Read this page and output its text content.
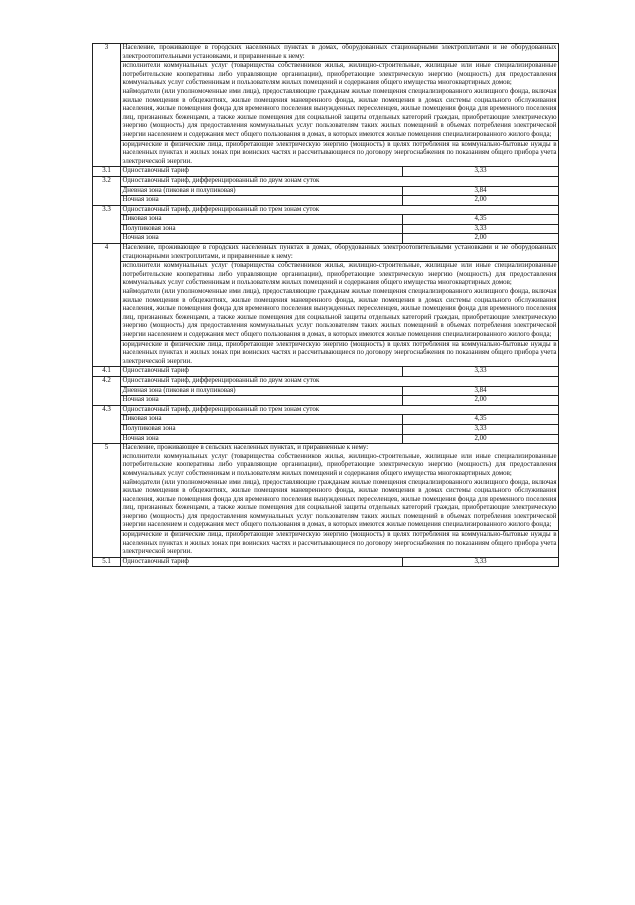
3	Население, проживающее в городских населенных пунктах в домах, оборудованных стационарными электроплитами и не оборудованных электроотопительными установками, и приравненные к нему:	

	исполнители коммунальных услуг (товарищества собственников жилья, жилищно-строительные, жилищные или иные специализированные потребительские кооперативы либо управляющие организации), приобретающие электрическую энергию (мощность) для предоставления коммунальных услуг собственникам и пользователям жилых помещений и содержания общего имущества многоквартирных домов;

наймодатели (или уполномоченные ими лица), предоставляющие гражданам жилые помещения специализированного жилищного фонда, включая жилые помещения в общежитиях, жилые помещения маневренного фонда, жилые помещения в домах системы социального обслуживания населения, жилые помещения фонда для временного поселения вынужденных переселенцев, жилые помещения фонда для временного поселения лиц, признанных беженцами, а также жилые помещения для социальной защиты отдельных категорий граждан, приобретающие электрическую энергию (мощность) для предоставления коммунальных услуг пользователям таких жилых помещений в объемах потребления электрической энергии населением и содержания мест общего пользования в домах, в которых имеются жилые помещения специализированного жилого фонда;	

	юридические и физические лица, приобретающие электрическую энергию (мощность) в целях потребления на коммунально-бытовые нужды в населенных пунктах и жилых зонах при воинских частях и рассчитывающиеся по договору энергоснабжения по показаниям общего прибора учета электрической энергии.	

3.1	Одноставочный тариф	3,33
3.2	Одноставочный тариф, дифференцированный по двум зонам суток	
	Дневная зона (пиковая и полупиковая)	3,84
	Ночная зона	2,00
3.3	Одноставочный тариф, дифференцированный по трем зонам суток	
	Пиковая зона	4,35
	Полупиковая зона	3,33
	Ночная зона	2,00
4	Население, проживающее в городских населенных пунктах в домах, оборудованных электроотопительными установками и не оборудованных стационарными электроплитами, и приравненные к нему:	

	исполнители коммунальных услуг (товарищества собственников жилья, жилищно-строительные, жилищные или иные специализированные потребительские кооперативы либо управляющие организации), приобретающие электрическую энергию (мощность) для предоставления коммунальных услуг собственникам и пользователям жилых помещений и содержания общего имущества многоквартирных домов;

наймодатели (или уполномоченные ими лица), предоставляющие гражданам жилые помещения специализированного жилищного фонда, включая жилые помещения в общежитиях, жилые помещения маневренного фонда, жилые помещения в домах системы социального обслуживания населения, жилые помещения фонда для временного поселения вынужденных переселенцев, жилые помещения фонда для временного поселения лиц, признанных беженцами, а также жилые помещения для социальной защиты отдельных категорий граждан, приобретающие электрическую энергию (мощность) для предоставления коммунальных услуг пользователям таких жилых помещений в объемах потребления электрической энергии населением и содержания мест общего пользования в домах, в которых имеются жилые помещения специализированного жилого фонда;	

	юридические и физические лица, приобретающие электрическую энергию (мощность) в целях потребления на коммунально-бытовые нужды в населенных пунктах и жилых зонах при воинских частях и рассчитывающиеся по договору энергоснабжения по показаниям общего прибора учета электрической энергии.	

4.1	Одноставочный тариф	3,33
4.2	Одноставочный тариф, дифференцированный по двум зонам суток	
	Дневная зона (пиковая и полупиковая)	3,84
	Ночная зона	2,00
4.3	Одноставочный тариф, дифференцированный по трем зонам суток	
	Пиковая зона	4,35
	Полупиковая зона	3,33
	Ночная зона	2,00
5	Население, проживающее в сельских населенных пунктах, и приравненные к нему:

исполнители коммунальных услуг (товарищества собственников жилья, жилищно-строительные, жилищные или иные специализированные потребительские кооперативы либо управляющие организации), приобретающие электрическую энергию (мощность) для предоставления коммунальных услуг собственникам и пользователям жилых помещений и содержания общего имущества многоквартирных домов;

наймодатели (или уполномоченные ими лица), предоставляющие гражданам жилые помещения специализированного жилищного фонда, включая жилые помещения в общежитиях, жилые помещения маневренного фонда, жилые помещения в домах системы социального обслуживания населения, жилые помещения фонда для временного поселения вынужденных переселенцев, жилые помещения фонда для временного поселения лиц, признанных беженцами, а также жилые помещения для социальной защиты отдельных категорий граждан, приобретающие электрическую энергию (мощность) для предоставления коммунальных услуг пользователям таких жилых помещений в объемах потребления электрической энергии населением и содержания мест общего пользования в домах, в которых имеются жилые помещения специализированного жилого фонда;	

	юридические и физические лица, приобретающие электрическую энергию (мощность) в целях потребления на коммунально-бытовые нужды в населенных пунктах и жилых зонах при воинских частях и рассчитывающиеся по договору энергоснабжения по показаниям общего прибора учета электрической энергии.	

5.1	Одноставочный тариф	3,33
